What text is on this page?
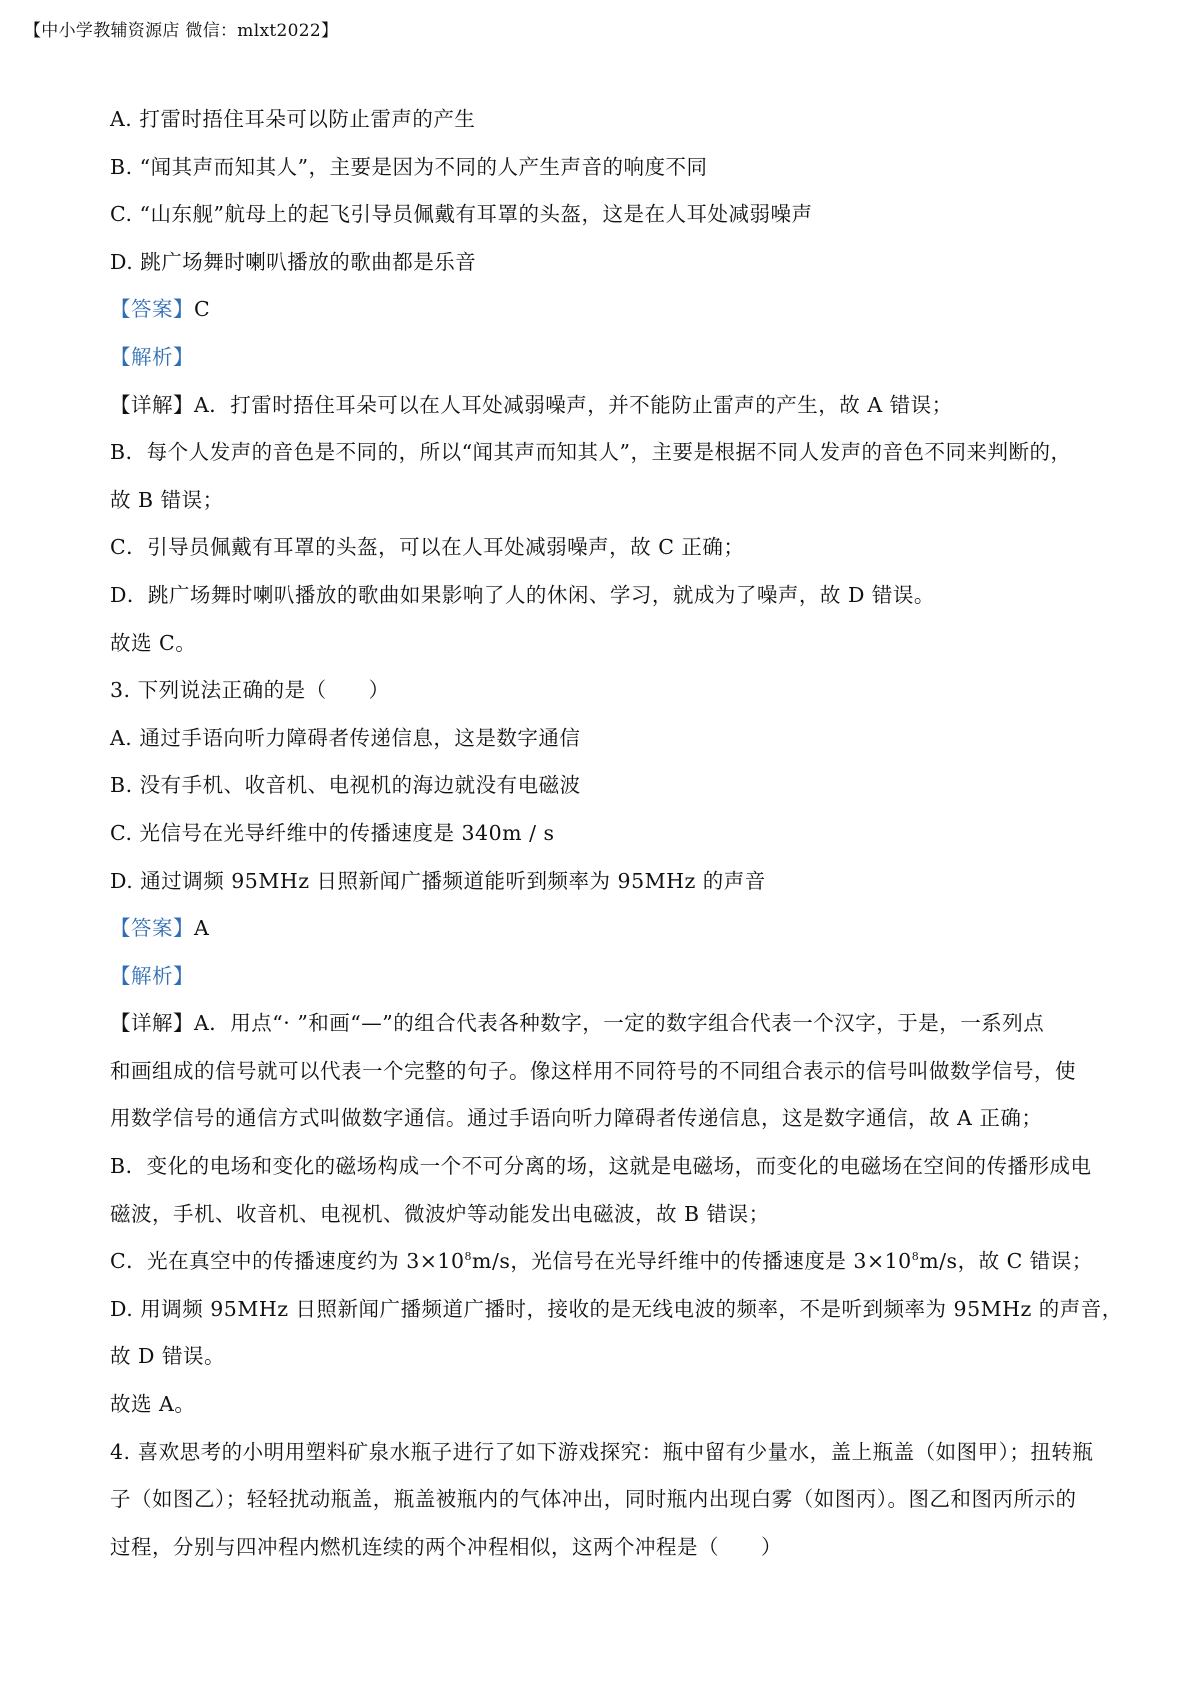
【中小学教辅资源店 微信：mlxt2022】
A. 打雷时捂住耳朵可以防止雷声的产生
B. “闻其声而知其人”，主要是因为不同的人产生声音的响度不同
C. “山东舰”航母上的起飞引导员佩戴有耳罩的头盔，这是在人耳处减弱噪声
D. 跳广场舞时喇叭播放的歌曲都是乐音
【答案】C
【解析】
【详解】A．打雷时捂住耳朵可以在人耳处减弱噪声，并不能防止雷声的产生，故 A 错误；
B．每个人发声的音色是不同的，所以“闻其声而知其人”，主要是根据不同人发声的音色不同来判断的，
故 B 错误；
C．引导员佩戴有耳罩的头盔，可以在人耳处减弱噪声，故 C 正确；
D．跳广场舞时喇叭播放的歌曲如果影响了人的休闲、学习，就成为了噪声，故 D 错误。
故选 C。
3. 下列说法正确的是（　　）
A. 通过手语向听力障碍者传递信息，这是数字通信
B. 没有手机、收音机、电视机的海边就没有电磁波
C. 光信号在光导纤维中的传播速度是 340m / s
D. 通过调频 95MHz 日照新闻广播频道能听到频率为 95MHz 的声音
【答案】A
【解析】
【详解】A．用点“· ”和画“—”的组合代表各种数字，一定的数字组合代表一个汉字，于是，一系列点
和画组成的信号就可以代表一个完整的句子。像这样用不同符号的不同组合表示的信号叫做数学信号，使
用数学信号的通信方式叫做数字通信。通过手语向听力障碍者传递信息，这是数字通信，故 A 正确；
B．变化的电场和变化的磁场构成一个不可分离的场，这就是电磁场，而变化的电磁场在空间的传播形成电
磁波，手机、收音机、电视机、微波炉等动能发出电磁波，故 B 错误；
C．光在真空中的传播速度约为 $3\times 10^8m/s$，光信号在光导纤维中的传播速度是 $3\times 10^8m/s$，故 C 错误；
D. 用调频 95MHz 日照新闻广播频道广播时，接收的是无线电波的频率，不是听到频率为 95MHz 的声音，
故 D 错误。
故选 A。
4. 喜欢思考的小明用塑料矿泉水瓶子进行了如下游戏探究：瓶中留有少量水，盖上瓶盖（如图甲）；扭转瓶
子（如图乙）；轻轻扰动瓶盖，瓶盖被瓶内的气体冲出，同时瓶内出现白雾（如图丙）。图乙和图丙所示的
过程，分别与四冲程内燃机连续的两个冲程相似，这两个冲程是（　　）
